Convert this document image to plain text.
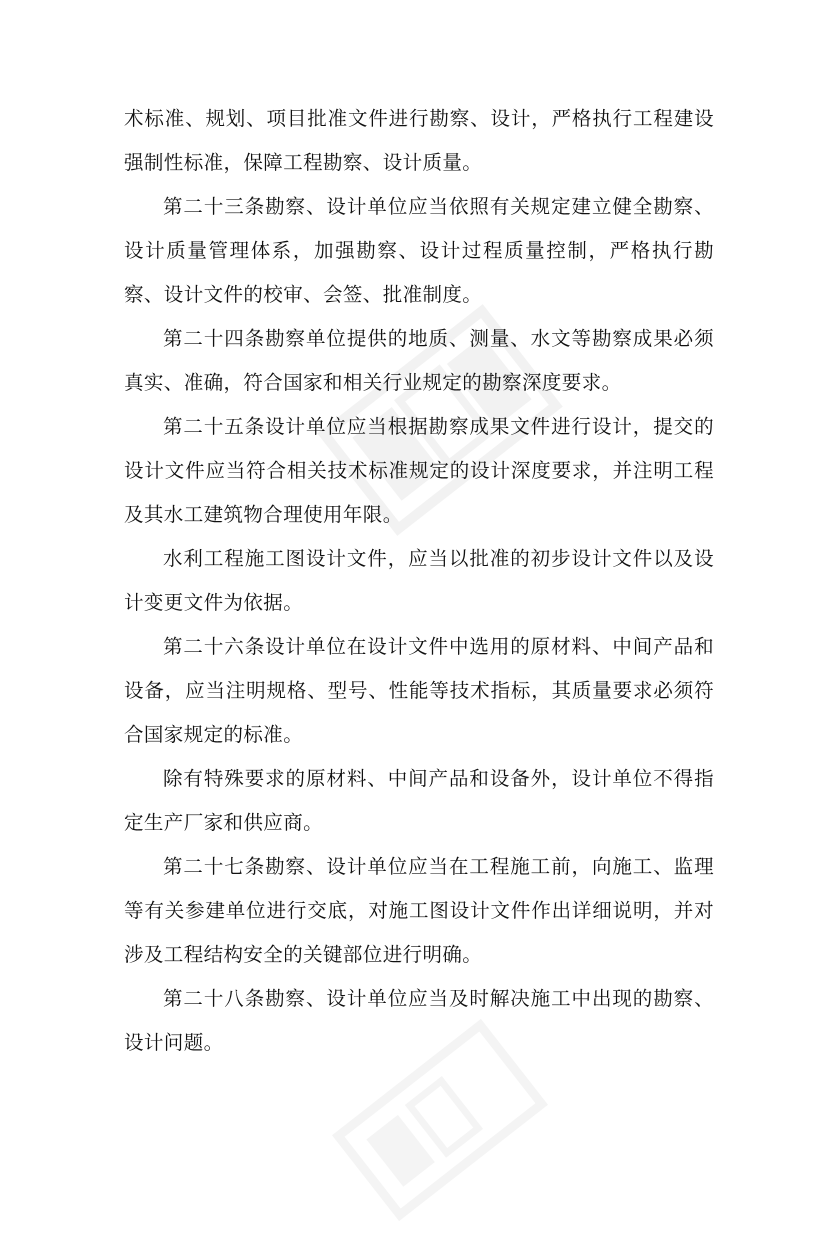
术标准、规划、项目批准文件进行勘察、设计，严格执行工程建设强制性标准，保障工程勘察、设计质量。

第二十三条勘察、设计单位应当依照有关规定建立健全勘察、设计质量管理体系，加强勘察、设计过程质量控制，严格执行勘察、设计文件的校审、会签、批准制度。

第二十四条勘察单位提供的地质、测量、水文等勘察成果必须真实、准确，符合国家和相关行业规定的勘察深度要求。

第二十五条设计单位应当根据勘察成果文件进行设计，提交的设计文件应当符合相关技术标准规定的设计深度要求，并注明工程及其水工建筑物合理使用年限。

水利工程施工图设计文件，应当以批准的初步设计文件以及设计变更文件为依据。

第二十六条设计单位在设计文件中选用的原材料、中间产品和设备，应当注明规格、型号、性能等技术指标，其质量要求必须符合国家规定的标准。

除有特殊要求的原材料、中间产品和设备外，设计单位不得指定生产厂家和供应商。

第二十七条勘察、设计单位应当在工程施工前，向施工、监理等有关参建单位进行交底，对施工图设计文件作出详细说明，并对涉及工程结构安全的关键部位进行明确。

第二十八条勘察、设计单位应当及时解决施工中出现的勘察、设计问题。
